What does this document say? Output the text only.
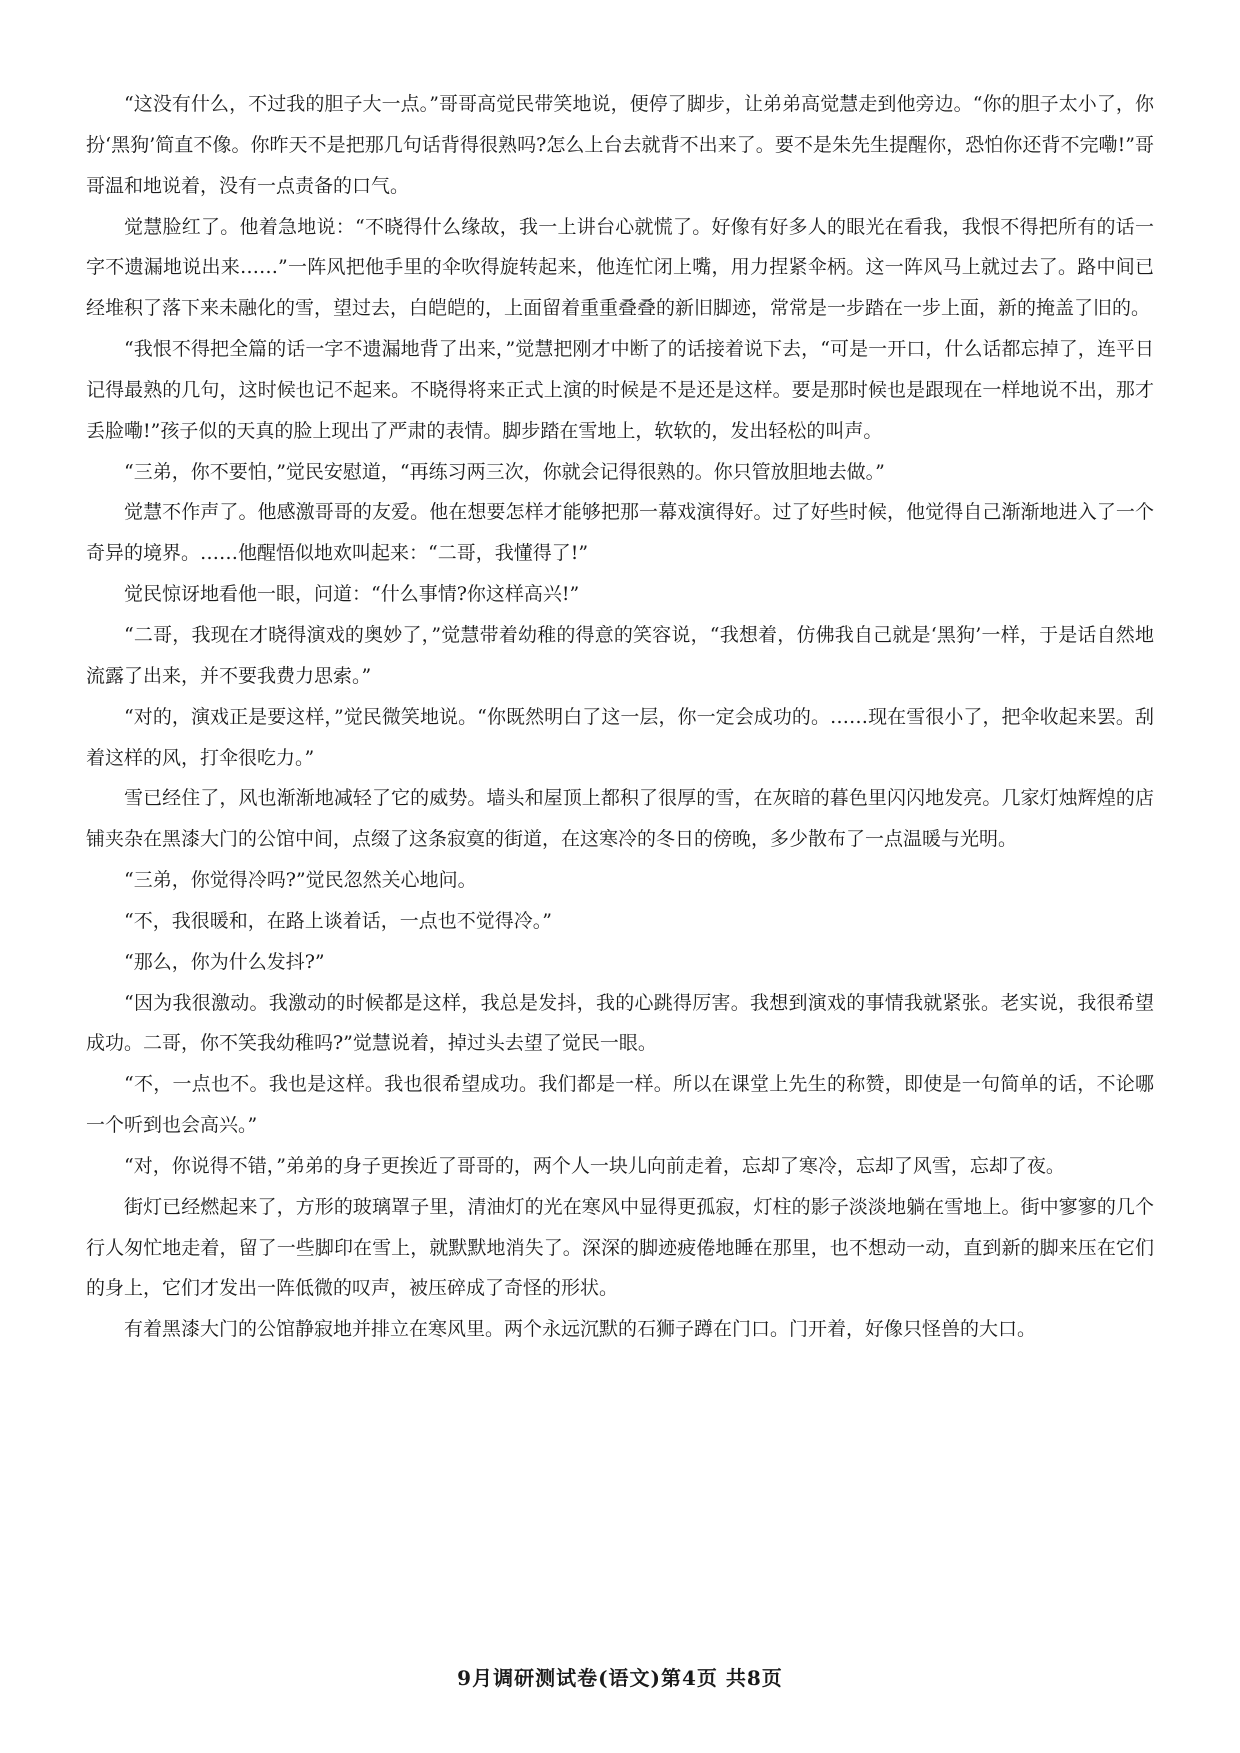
“这没有什么，不过我的胆子大一点。”哥哥高觉民带笑地说，便停了脚步，让弟弟高觉慧走到他旁边。“你的胆子太小了，你扮‘黑狗’简直不像。你昨天不是把那几句话背得很熟吗?怎么上台去就背不出来了。要不是朱先生提醒你，恐怕你还背不完嘞!”哥哥温和地说着，没有一点责备的口气。

觉慧脸红了。他着急地说：“不晓得什么缘故，我一上讲台心就慌了。好像有好多人的眼光在看我，我恨不得把所有的话一字不遗漏地说出来……”一阵风把他手里的伞吹得旋转起来，他连忙闭上嘴，用力捏紧伞柄。这一阵风马上就过去了。路中间已经堆积了落下来未融化的雪，望过去，白皑皑的，上面留着重重叠叠的新旧脚迹，常常是一步踏在一步上面，新的掩盖了旧的。

“我恨不得把全篇的话一字不遗漏地背了出来，”觉慧把刚才中断了的话接着说下去，“可是一开口，什么话都忘掉了，连平日记得最熟的几句，这时候也记不起来。不晓得将来正式上演的时候是不是还是这样。要是那时候也是跟现在一样地说不出，那才丢脸嘞!”孩子似的天真的脸上现出了严肃的表情。脚步踏在雪地上，软软的，发出轻松的叫声。

“三弟，你不要怕，”觉民安慰道，“再练习两三次，你就会记得很熟的。你只管放胆地去做。”

觉慧不作声了。他感激哥哥的友爱。他在想要怎样才能够把那一幕戏演得好。过了好些时候，他觉得自己渐渐地进入了一个奇异的境界。……他醒悟似地欢叫起来：“二哥，我懂得了!”

觉民惊讶地看他一眼，问道：“什么事情?你这样高兴!”

“二哥，我现在才晓得演戏的奥妙了，”觉慧带着幼稚的得意的笑容说，“我想着，仿佛我自己就是‘黑狗’一样，于是话自然地流露了出来，并不要我费力思索。”

“对的，演戏正是要这样，”觉民微笑地说。“你既然明白了这一层，你一定会成功的。……现在雪很小了，把伞收起来罢。刮着这样的风，打伞很吃力。”

雪已经住了，风也渐渐地减轻了它的威势。墙头和屋顶上都积了很厚的雪，在灰暗的暮色里闪闪地发亮。几家灯烛辉煌的店铺夹杂在黑漆大门的公馆中间，点缀了这条寂寞的街道，在这寒冷的冬日的傍晚，多少散布了一点温暖与光明。

“三弟，你觉得冷吗?”觉民忽然关心地问。

“不，我很暖和，在路上谈着话，一点也不觉得冷。”

“那么，你为什么发抖?”

“因为我很激动。我激动的时候都是这样，我总是发抖，我的心跳得厉害。我想到演戏的事情我就紧张。老实说，我很希望成功。二哥，你不笑我幼稚吗?”觉慧说着，掉过头去望了觉民一眼。

“不，一点也不。我也是这样。我也很希望成功。我们都是一样。所以在课堂上先生的称赞，即使是一句简单的话，不论哪一个听到也会高兴。”

“对，你说得不错，”弟弟的身子更挨近了哥哥的，两个人一块儿向前走着，忘却了寒冷，忘却了风雪，忘却了夜。

街灯已经燃起来了，方形的玻璃罩子里，清油灯的光在寒风中显得更孤寂，灯柱的影子淡淡地躺在雪地上。街中寥寥的几个行人匆忙地走着，留了一些脚印在雪上，就默默地消失了。深深的脚迹疲倦地睡在那里，也不想动一动，直到新的脚来压在它们的身上，它们才发出一阵低微的叹声，被压碎成了奇怪的形状。

有着黑漆大门的公馆静寂地并排立在寒风里。两个永远沉默的石狮子蹲在门口。门开着，好像只怪兽的大口。

9月调研测试卷(语文)第4页 共8页
